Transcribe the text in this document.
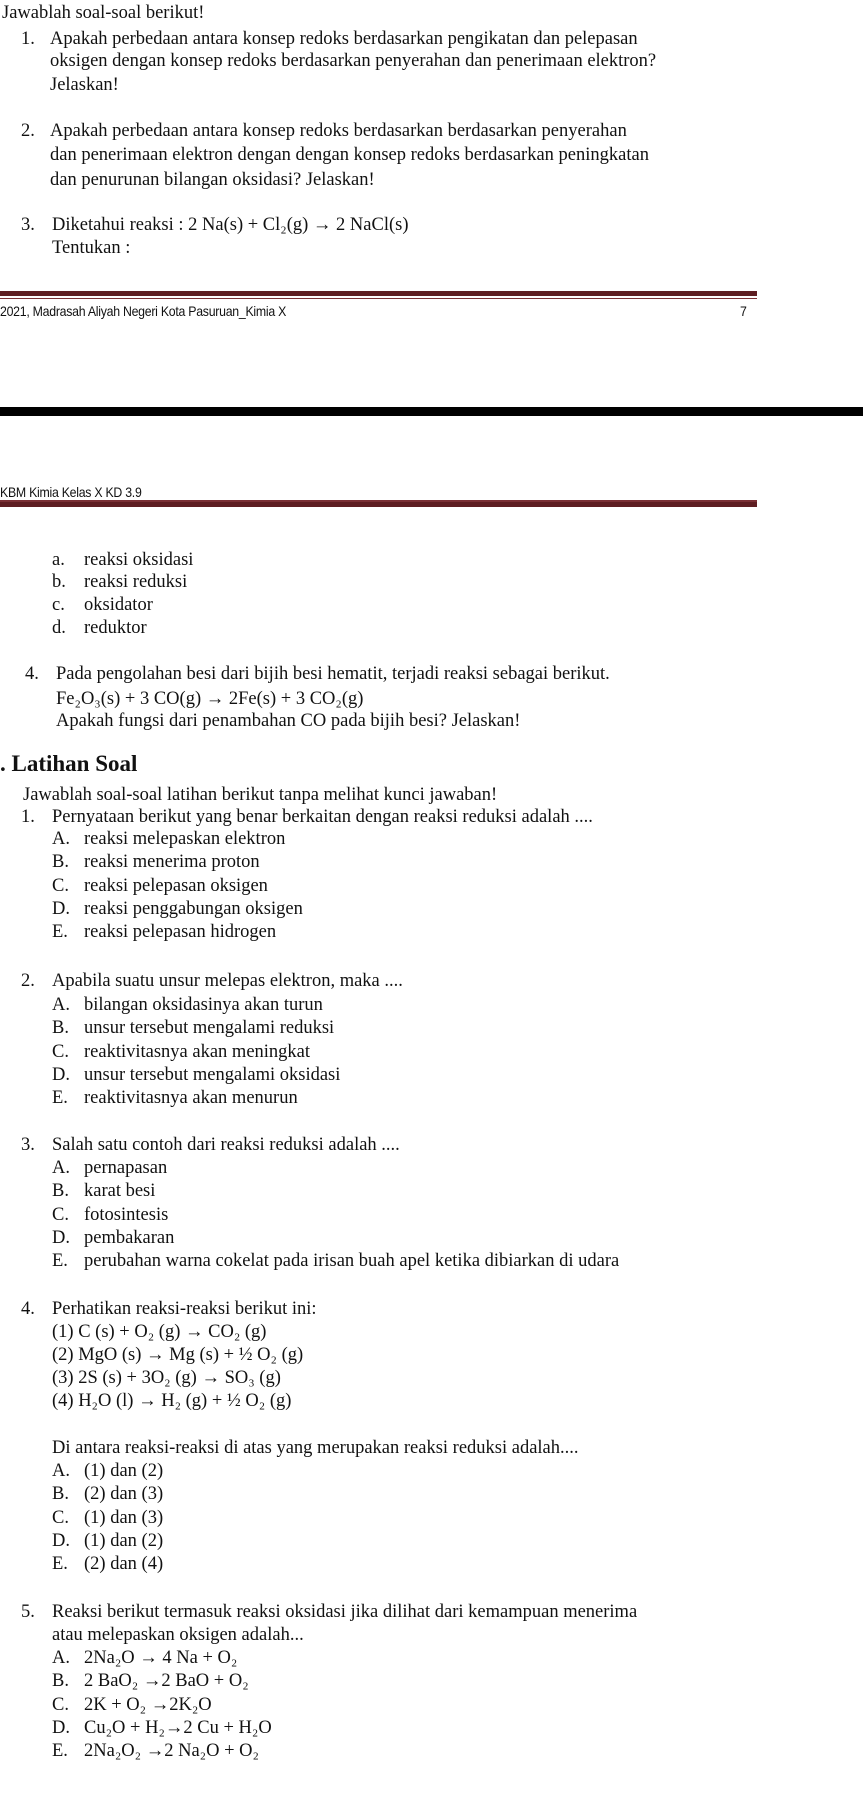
Jawablah soal-soal berikut!
1. Apakah perbedaan antara konsep redoks berdasarkan pengikatan dan pelepasan
oksigen dengan konsep redoks berdasarkan penyerahan dan penerimaan elektron?
Jelaskan!
2. Apakah perbedaan antara konsep redoks berdasarkan berdasarkan penyerahan
dan penerimaan elektron dengan dengan konsep redoks berdasarkan peningkatan
dan penurunan bilangan oksidasi? Jelaskan!
3. Diketahui reaksi : 2 Na(s) + Cl₂(g) → 2 NaCl(s)
Tentukan :
2021, Madrasah Aliyah Negeri Kota Pasuruan_Kimia X	7
KBM Kimia Kelas X KD 3.9
a. reaksi oksidasi
b. reaksi reduksi
c. oksidator
d. reduktor
4. Pada pengolahan besi dari bijih besi hematit, terjadi reaksi sebagai berikut.
Fe₂O₃(s) + 3 CO(g) → 2Fe(s) + 3 CO₂(g)
Apakah fungsi dari penambahan CO pada bijih besi? Jelaskan!
. Latihan Soal
Jawablah soal-soal latihan berikut tanpa melihat kunci jawaban!
1. Pernyataan berikut yang benar berkaitan dengan reaksi reduksi adalah ....
A. reaksi melepaskan elektron
B. reaksi menerima proton
C. reaksi pelepasan oksigen
D. reaksi penggabungan oksigen
E. reaksi pelepasan hidrogen
2. Apabila suatu unsur melepas elektron, maka ....
A. bilangan oksidasinya akan turun
B. unsur tersebut mengalami reduksi
C. reaktivitasnya akan meningkat
D. unsur tersebut mengalami oksidasi
E. reaktivitasnya akan menurun
3. Salah satu contoh dari reaksi reduksi adalah ....
A. pernapasan
B. karat besi
C. fotosintesis
D. pembakaran
E. perubahan warna cokelat pada irisan buah apel ketika dibiarkan di udara
4. Perhatikan reaksi-reaksi berikut ini:
(1) C (s) + O₂ (g) → CO₂ (g)
(2) MgO (s) → Mg (s) + ½ O₂ (g)
(3) 2S (s) + 3O₂ (g) → SO₃ (g)
(4) H₂O (l) → H₂ (g) + ½ O₂ (g)
Di antara reaksi-reaksi di atas yang merupakan reaksi reduksi adalah....
A. (1) dan (2)
B. (2) dan (3)
C. (1) dan (3)
D. (1) dan (2)
E. (2) dan (4)
5. Reaksi berikut termasuk reaksi oksidasi jika dilihat dari kemampuan menerima
atau melepaskan oksigen adalah...
A. 2Na₂O → 4 Na + O₂
B. 2 BaO₂ →2 BaO + O₂
C. 2K + O₂ →2K₂O
D. Cu₂O + H₂→2 Cu + H₂O
E. 2Na₂O₂ →2 Na₂O + O₂
